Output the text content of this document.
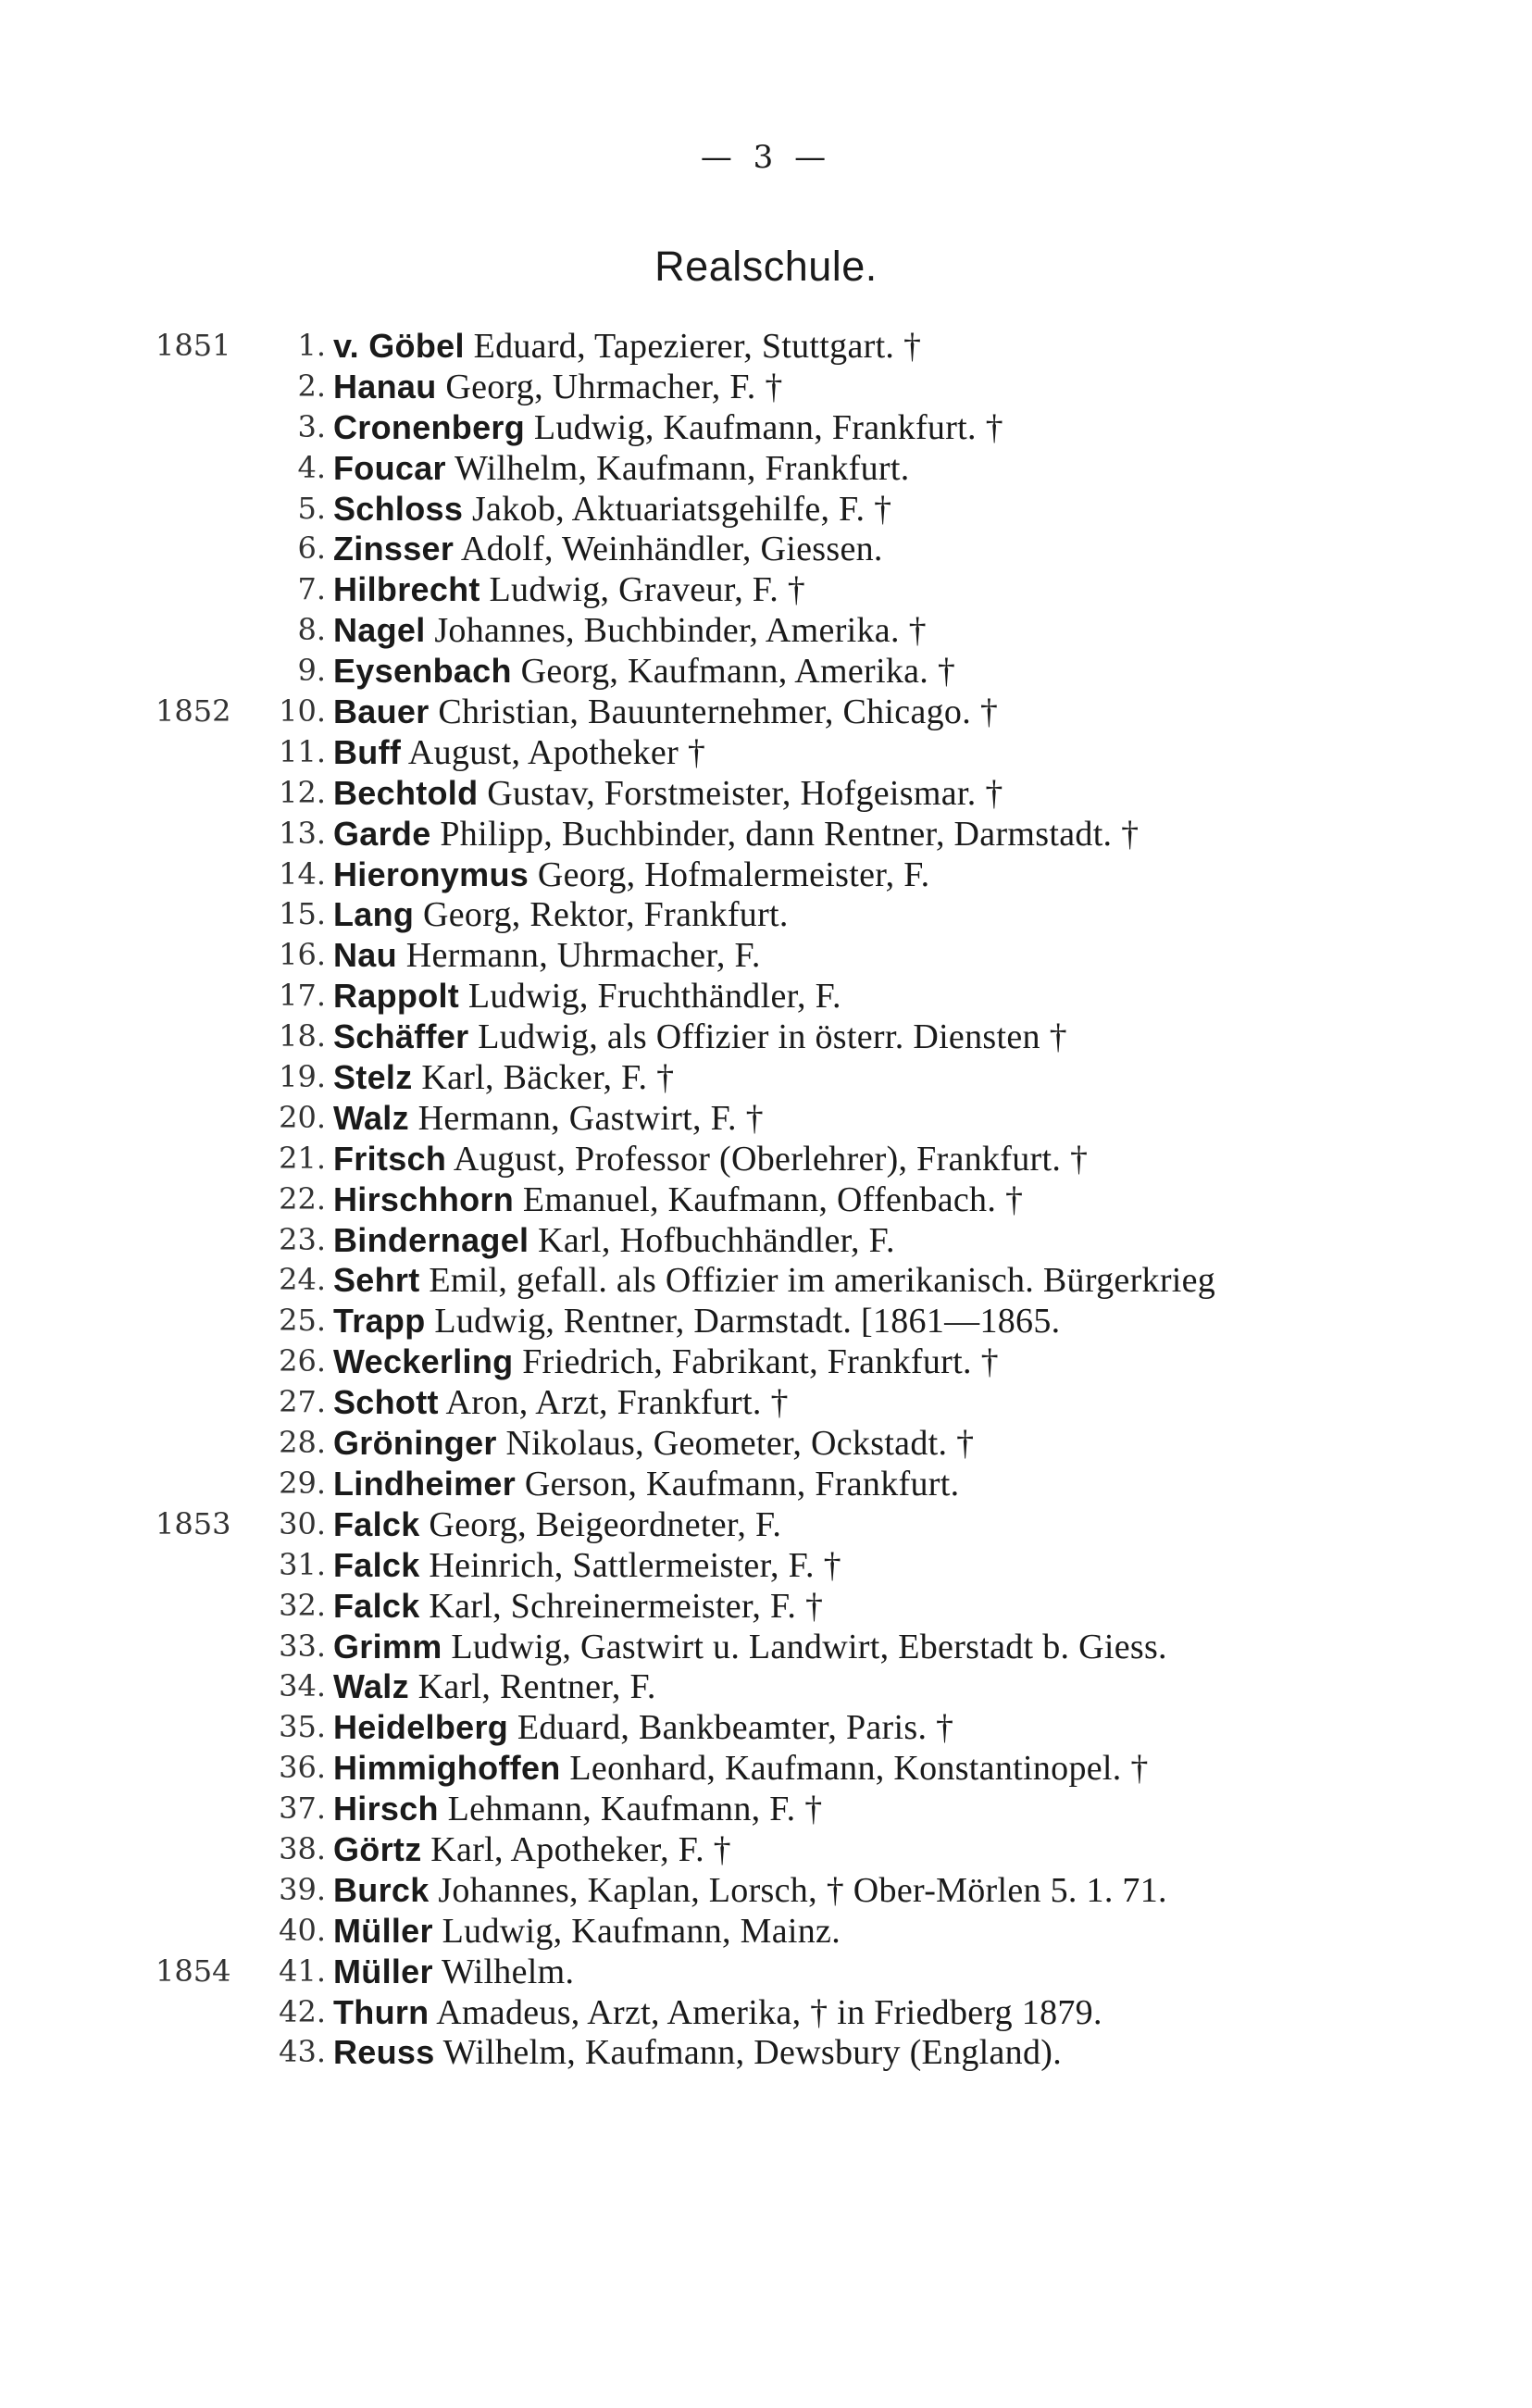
— 3 —
Realschule.
1851	1. v. Göbel Eduard, Tapezierer, Stuttgart. †
2. Hanau Georg, Uhrmacher, F. †
3. Cronenberg Ludwig, Kaufmann, Frankfurt. †
4. Foucar Wilhelm, Kaufmann, Frankfurt.
5. Schloss Jakob, Aktuariatsgehilfe, F. †
6. Zinsser Adolf, Weinhändler, Giessen.
7. Hilbrecht Ludwig, Graveur, F. †
8. Nagel Johannes, Buchbinder, Amerika. †
9. Eysenbach Georg, Kaufmann, Amerika. †
1852	10. Bauer Christian, Bauunternehmer, Chicago. †
11. Buff August, Apotheker †
12. Bechtold Gustav, Forstmeister, Hofgeismar. †
13. Garde Philipp, Buchbinder, dann Rentner, Darmstadt. †
14. Hieronymus Georg, Hofmalermeister, F.
15. Lang Georg, Rektor, Frankfurt.
16. Nau Hermann, Uhrmacher, F.
17. Rappolt Ludwig, Fruchthändler, F.
18. Schäffer Ludwig, als Offizier in österr. Diensten †
19. Stelz Karl, Bäcker, F. †
20. Walz Hermann, Gastwirt, F. †
21. Fritsch August, Professor (Oberlehrer), Frankfurt. †
22. Hirschhorn Emanuel, Kaufmann, Offenbach. †
23. Bindernagel Karl, Hofbuchhändler, F.
24. Sehrt Emil, gefall. als Offizier im amerikanisch. Bürgerkrieg
25. Trapp Ludwig, Rentner, Darmstadt. [1861—1865.
26. Weckerling Friedrich, Fabrikant, Frankfurt. †
27. Schott Aron, Arzt, Frankfurt. †
28. Gröninger Nikolaus, Geometer, Ockstadt. †
29. Lindheimer Gerson, Kaufmann, Frankfurt.
1853	30. Falck Georg, Beigeordneter, F.
31. Falck Heinrich, Sattlermeister, F. †
32. Falck Karl, Schreinermeister, F. †
33. Grimm Ludwig, Gastwirt u. Landwirt, Eberstadt b. Giess.
34. Walz Karl, Rentner, F.
35. Heidelberg Eduard, Bankbeamter, Paris. †
36. Himmighoffen Leonhard, Kaufmann, Konstantinopel. †
37. Hirsch Lehmann, Kaufmann, F. †
38. Görtz Karl, Apotheker, F. †
39. Burck Johannes, Kaplan, Lorsch, † Ober-Mörlen 5. 1. 71.
40. Müller Ludwig, Kaufmann, Mainz.
1854	41. Müller Wilhelm.
42. Thurn Amadeus, Arzt, Amerika, † in Friedberg 1879.
43. Reuss Wilhelm, Kaufmann, Dewsbury (England).
